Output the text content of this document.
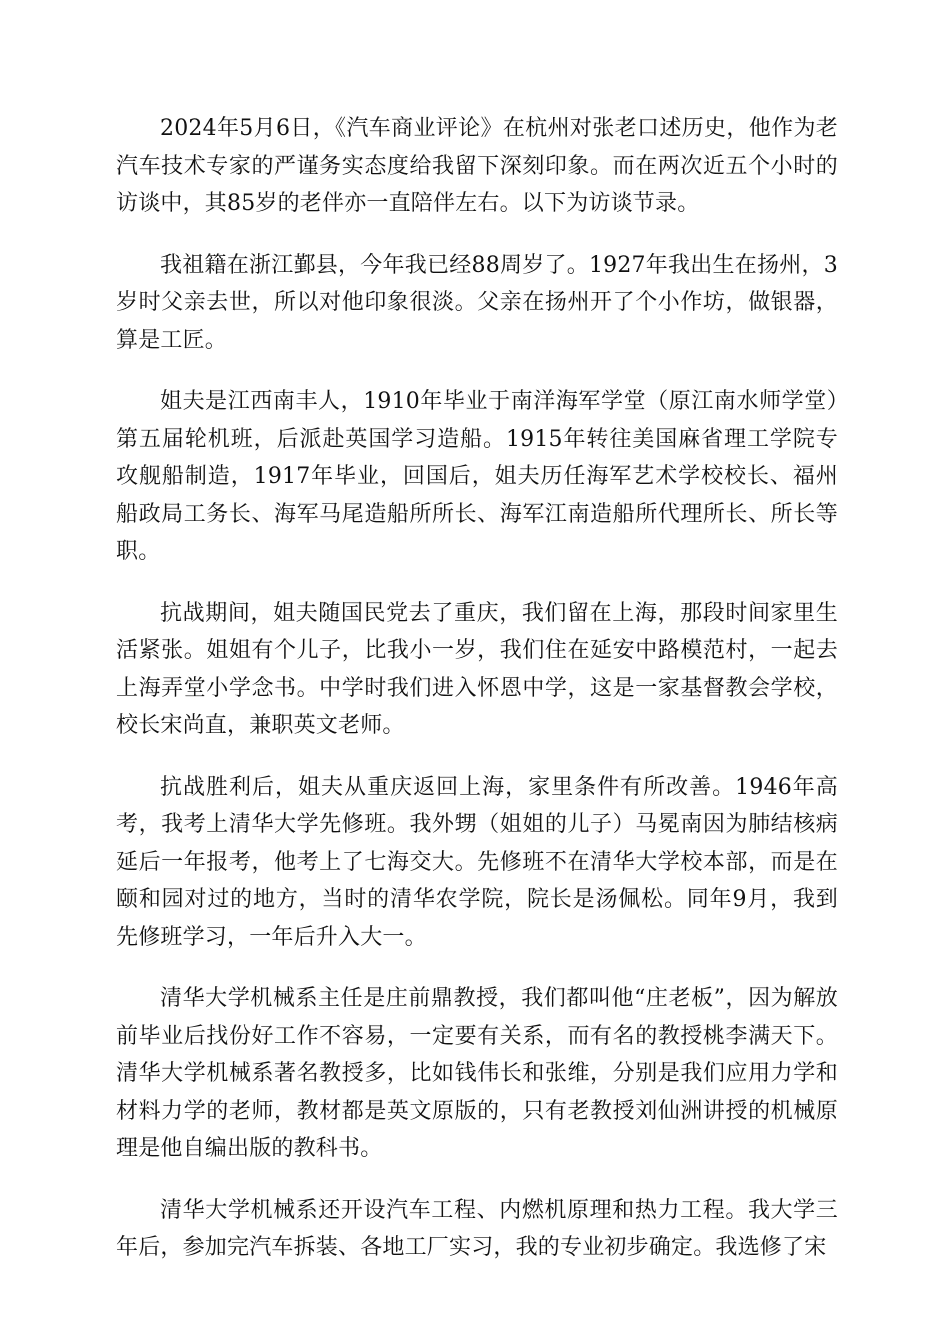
2024年5月6日，《汽车商业评论》在杭州对张老口述历史，他作为老汽车技术专家的严谨务实态度给我留下深刻印象。而在两次近五个小时的访谈中，其85岁的老伴亦一直陪伴左右。以下为访谈节录。

我祖籍在浙江鄞县，今年我已经88周岁了。1927年我出生在扬州，3岁时父亲去世，所以对他印象很淡。父亲在扬州开了个小作坊，做银器，算是工匠。

姐夫是江西南丰人，1910年毕业于南洋海军学堂（原江南水师学堂）第五届轮机班，后派赴英国学习造船。1915年转往美国麻省理工学院专攻舰船制造，1917年毕业，回国后，姐夫历任海军艺术学校校长、福州船政局工务长、海军马尾造船所所长、海军江南造船所代理所长、所长等职。

抗战期间，姐夫随国民党去了重庆，我们留在上海，那段时间家里生活紧张。姐姐有个儿子，比我小一岁，我们住在延安中路模范村，一起去上海弄堂小学念书。中学时我们进入怀恩中学，这是一家基督教会学校，校长宋尚直，兼职英文老师。

抗战胜利后，姐夫从重庆返回上海，家里条件有所改善。1946年高考，我考上清华大学先修班。我外甥（姐姐的儿子）马冕南因为肺结核病延后一年报考，他考上了七海交大。先修班不在清华大学校本部，而是在颐和园对过的地方，当时的清华农学院，院长是汤佩松。同年9月，我到先修班学习，一年后升入大一。

清华大学机械系主任是庄前鼎教授，我们都叫他“庄老板”，因为解放前毕业后找份好工作不容易，一定要有关系，而有名的教授桃李满天下。清华大学机械系著名教授多，比如钱伟长和张维，分别是我们应用力学和材料力学的老师，教材都是英文原版的，只有老教授刘仙洲讲授的机械原理是他自编出版的教科书。

清华大学机械系还开设汽车工程、内燃机原理和热力工程。我大学三年后，参加完汽车拆装、各地工厂实习，我的专业初步确定。我选修了宋
